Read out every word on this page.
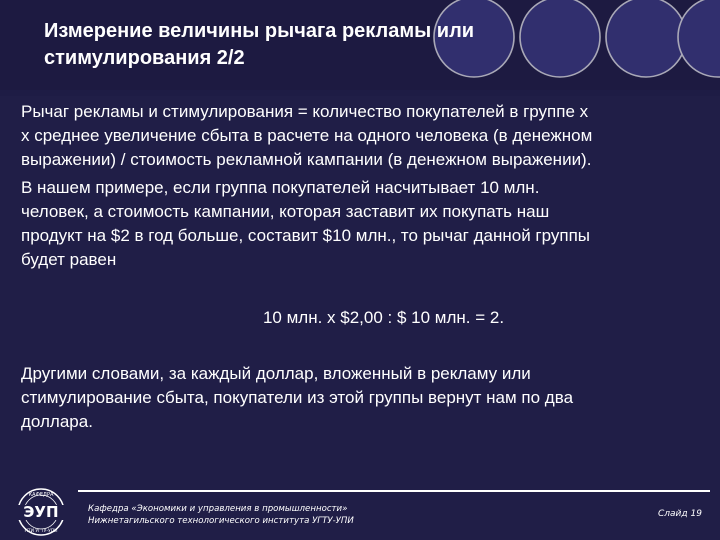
Измерение величины рычага рекламы или
стимулирования 2/2

Рычаг рекламы и стимулирования = количество покупателей в группе х
х среднее увеличение сбыта в расчете на одного человека (в денежном
выражении) / стоимость рекламной кампании (в денежном выражении).

В нашем примере, если группа покупателей насчитывает 10 млн.
человек, а стоимость кампании, которая заставит их покупать наш
продукт на $2 в год больше, составит $10 млн., то рычаг данной группы
будет равен

10 млн. х $2,00 : $ 10 млн. = 2.

Другими словами, за каждый доллар, вложенный в рекламу или
стимулирование сбыта, покупатели из этой группы вернут нам по два
доллара.

ЭУП
КАФЕДРА
НТИ УГТУ-УПИ
Кафедра «Экономики и управления в промышленности»
Нижнетагильского технологического института УГТУ-УПИ
Слайд 19
